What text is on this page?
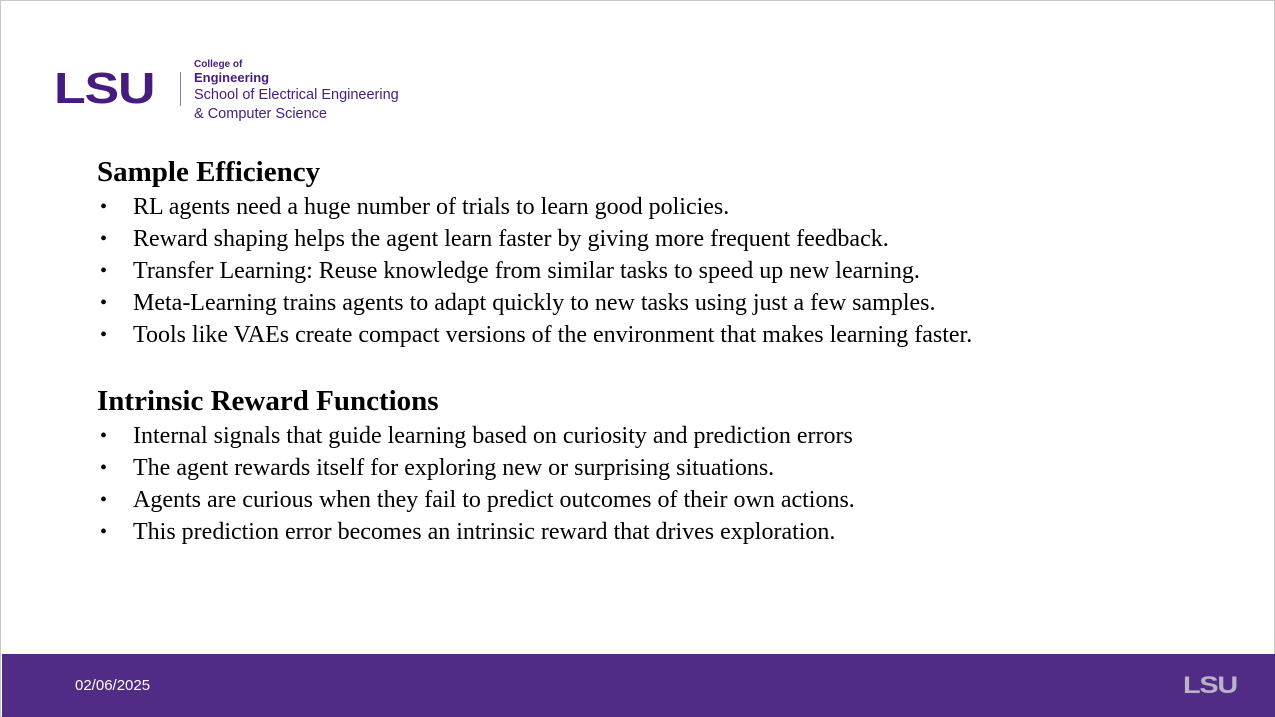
LSU	College of
Engineering
School of Electrical Engineering
& Computer Science
Sample Efficiency
• RL agents need a huge number of trials to learn good policies.
• Reward shaping helps the agent learn faster by giving more frequent feedback.
• Transfer Learning: Reuse knowledge from similar tasks to speed up new learning.
• Meta-Learning trains agents to adapt quickly to new tasks using just a few samples.
• Tools like VAEs create compact versions of the environment that makes learning faster.
Intrinsic Reward Functions
• Internal signals that guide learning based on curiosity and prediction errors
• The agent rewards itself for exploring new or surprising situations.
• Agents are curious when they fail to predict outcomes of their own actions.
• This prediction error becomes an intrinsic reward that drives exploration.
02/06/2025	LSU
